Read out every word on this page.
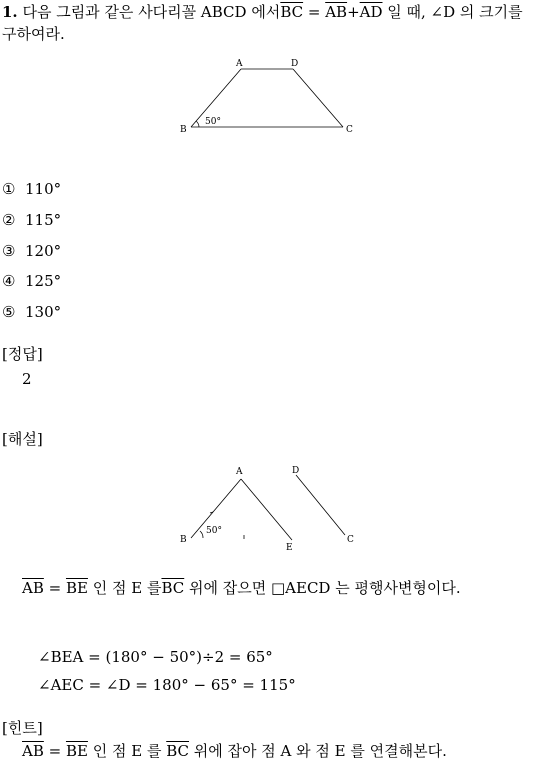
1. 다음 그림과 같은 사다리꼴 ABCD 에서$\overline{BC} = \overline{AB}+\overline{AD}$ 일 때, ∠D 의 크기를
구하여라.
A	D
B	C
50°
① 110°
② 115°
③ 120°
④ 125°
⑤ 130°
[정답]
2
[해설]
A	D
B	C
E
50°
$\overline{AB} = \overline{BE}$ 인 점 E 를$\overline{BC}$ 위에 잡으면 □AECD 는 평행사변형이다.
∠BEA = (180° − 50°)÷2 = 65°
∠AEC = ∠D = 180° − 65° = 115°
[힌트]
$\overline{AB} = \overline{BE}$ 인 점 E 를 $\overline{BC}$ 위에 잡아 점 A 와 점 E 를 연결해본다.
